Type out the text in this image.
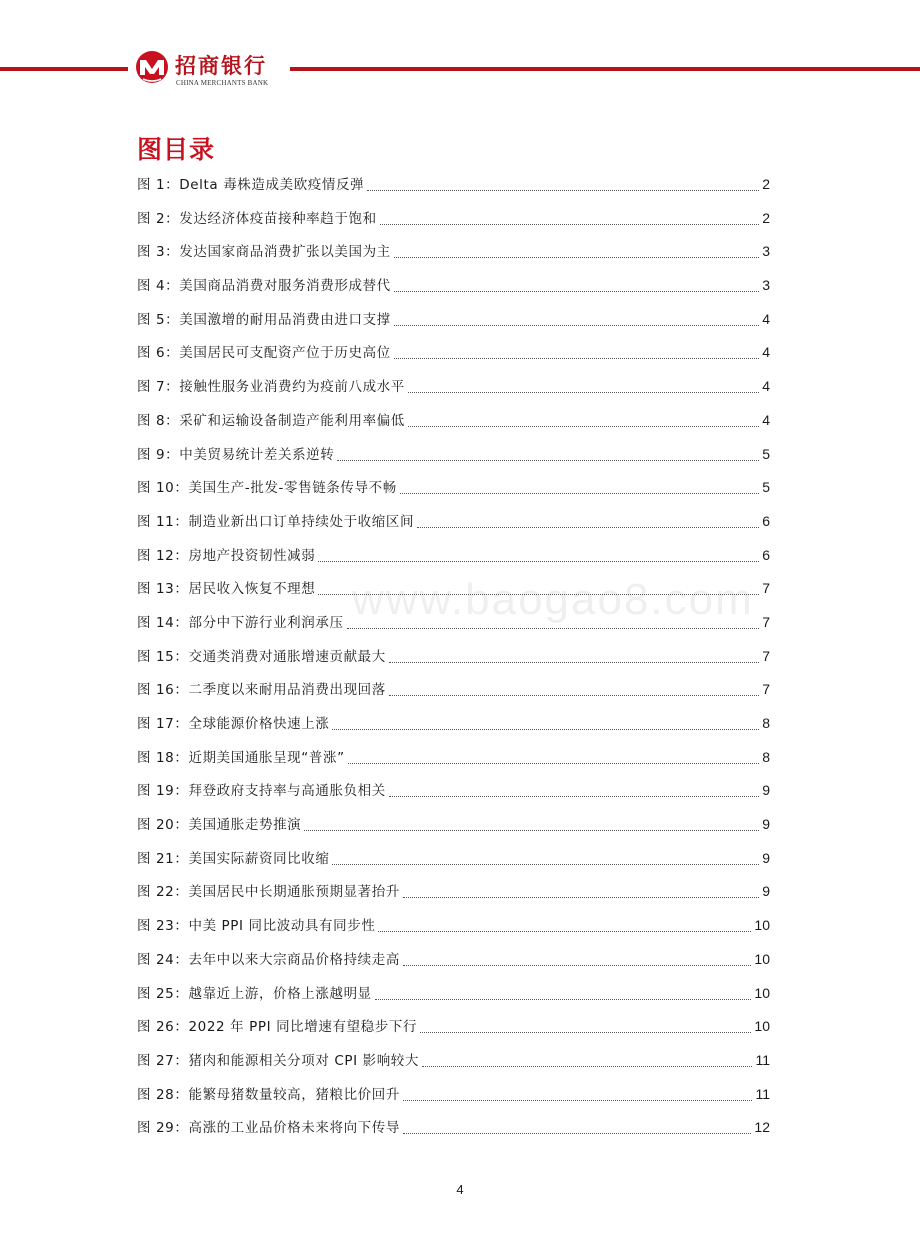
招商银行
CHINA MERCHANTS BANK
图目录
www.baogao8.com
图 1：Delta 毒株造成美欧疫情反弹	2
图 2：发达经济体疫苗接种率趋于饱和	2
图 3：发达国家商品消费扩张以美国为主	3
图 4：美国商品消费对服务消费形成替代	3
图 5：美国激增的耐用品消费由进口支撑	4
图 6：美国居民可支配资产位于历史高位	4
图 7：接触性服务业消费约为疫前八成水平	4
图 8：采矿和运输设备制造产能利用率偏低	4
图 9：中美贸易统计差关系逆转	5
图 10：美国生产-批发-零售链条传导不畅	5
图 11：制造业新出口订单持续处于收缩区间	6
图 12：房地产投资韧性减弱	6
图 13：居民收入恢复不理想	7
图 14：部分中下游行业利润承压	7
图 15：交通类消费对通胀增速贡献最大	7
图 16：二季度以来耐用品消费出现回落	7
图 17：全球能源价格快速上涨	8
图 18：近期美国通胀呈现“普涨”	8
图 19：拜登政府支持率与高通胀负相关	9
图 20：美国通胀走势推演	9
图 21：美国实际薪资同比收缩	9
图 22：美国居民中长期通胀预期显著抬升	9
图 23：中美 PPI 同比波动具有同步性	10
图 24：去年中以来大宗商品价格持续走高	10
图 25：越靠近上游，价格上涨越明显	10
图 26：2022 年 PPI 同比增速有望稳步下行	10
图 27：猪肉和能源相关分项对 CPI 影响较大	11
图 28：能繁母猪数量较高，猪粮比价回升	11
图 29：高涨的工业品价格未来将向下传导	12
4
